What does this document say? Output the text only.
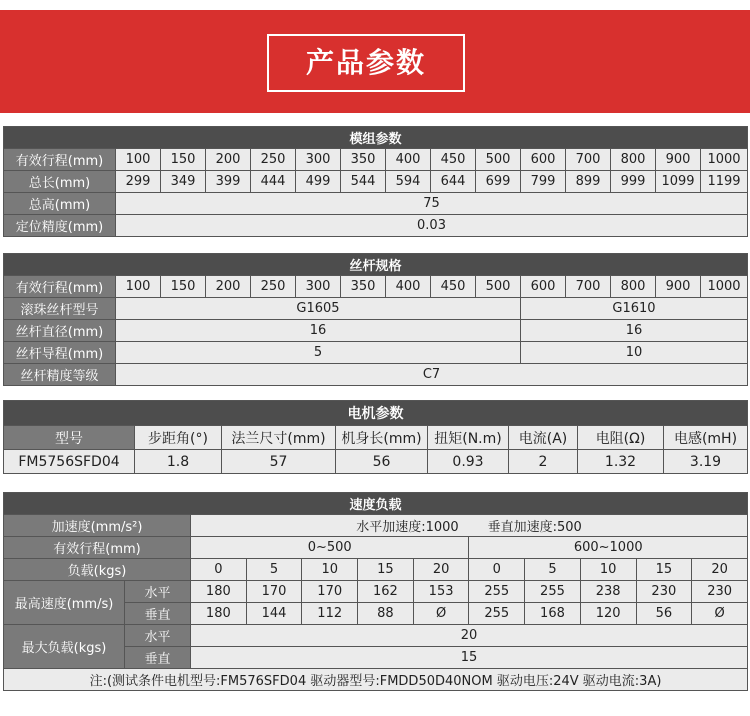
产品参数
模组参数														
有效行程(mm)	100	150	200	250	300	350	400	450	500	600	700	800	900	1000
总长(mm)	299	349	399	444	499	544	594	644	699	799	899	999	1099	1199
总高(mm)	75													
定位精度(mm)	0.03													
丝杆规格														
有效行程(mm)	100	150	200	250	300	350	400	450	500	600	700	800	900	1000
滚珠丝杆型号	G1605									G1610				
丝杆直径(mm)	16									16				
丝杆导程(mm)	5									10				
丝杆精度等级	C7													
电机参数							
型号	步距角(°)	法兰尺寸(mm)	机身长(mm)	扭矩(N.m)	电流(A)	电阻(Ω)	电感(mH)
FM5756SFD04	1.8	57	56	0.93	2	1.32	3.19
速度负载											
加速度(mm/s²)		水平加速度:1000       垂直加速度:500									
有效行程(mm)		0~500					600~1000				
负载(kgs)		0	5	10	15	20	0	5	10	15	20
最高速度(mm/s)	水平	180	170	170	162	153	255	255	238	230	230
	垂直	180	144	112	88	Ø	255	168	120	56	Ø
最大负载(kgs)	水平	20									
	垂直	15									
注:(测试条件电机型号:FM576SFD04 驱动器型号:FMDD50D40NOM 驱动电压:24V 驱动电流:3A)											
